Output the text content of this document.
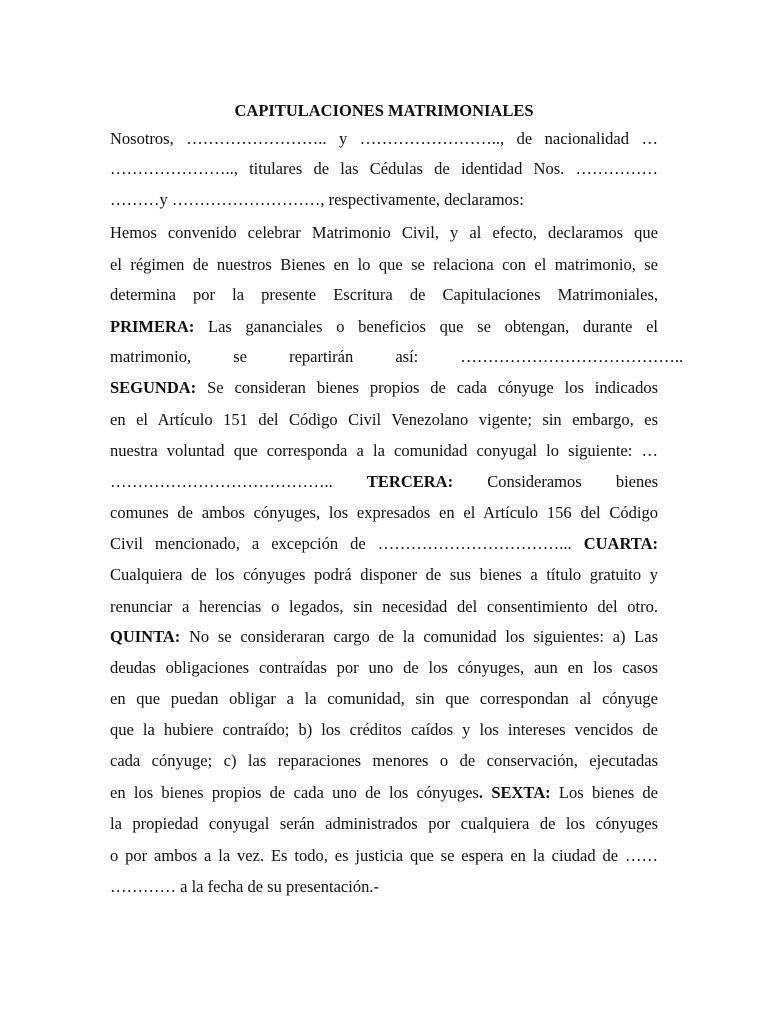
CAPITULACIONES MATRIMONIALES
Nosotros, …………………….. y …………………….., de nacionalidad …
………………….., titulares de las Cédulas de identidad Nos. ……………
………y ………………………, respectivamente, declaramos:
Hemos convenido celebrar Matrimonio Civil, y al efecto, declaramos que
el régimen de nuestros Bienes en lo que se relaciona con el matrimonio, se
determina por la presente Escritura de Capitulaciones Matrimoniales,
PRIMERA: Las gananciales o beneficios que se obtengan, durante el
matrimonio, se repartirán así: …………………………………..
SEGUNDA: Se consideran bienes propios de cada cónyuge los indicados
en el Artículo 151 del Código Civil Venezolano vigente; sin embargo, es
nuestra voluntad que corresponda a la comunidad conyugal lo siguiente: …
………………………………….. TERCERA: Consideramos bienes
comunes de ambos cónyuges, los expresados en el Artículo 156 del Código
Civil mencionado, a excepción de ……………………………... CUARTA:
Cualquiera de los cónyuges podrá disponer de sus bienes a título gratuito y
renunciar a herencias o legados, sin necesidad del consentimiento del otro.
QUINTA: No se consideraran cargo de la comunidad los siguientes: a) Las
deudas obligaciones contraídas por uno de los cónyuges, aun en los casos
en que puedan obligar a la comunidad, sin que correspondan al cónyuge
que la hubiere contraído; b) los créditos caídos y los intereses vencidos de
cada cónyuge; c) las reparaciones menores o de conservación, ejecutadas
en los bienes propios de cada uno de los cónyuges. SEXTA: Los bienes de
la propiedad conyugal serán administrados por cualquiera de los cónyuges
o por ambos a la vez. Es todo, es justicia que se espera en la ciudad de ……
………… a la fecha de su presentación.-
